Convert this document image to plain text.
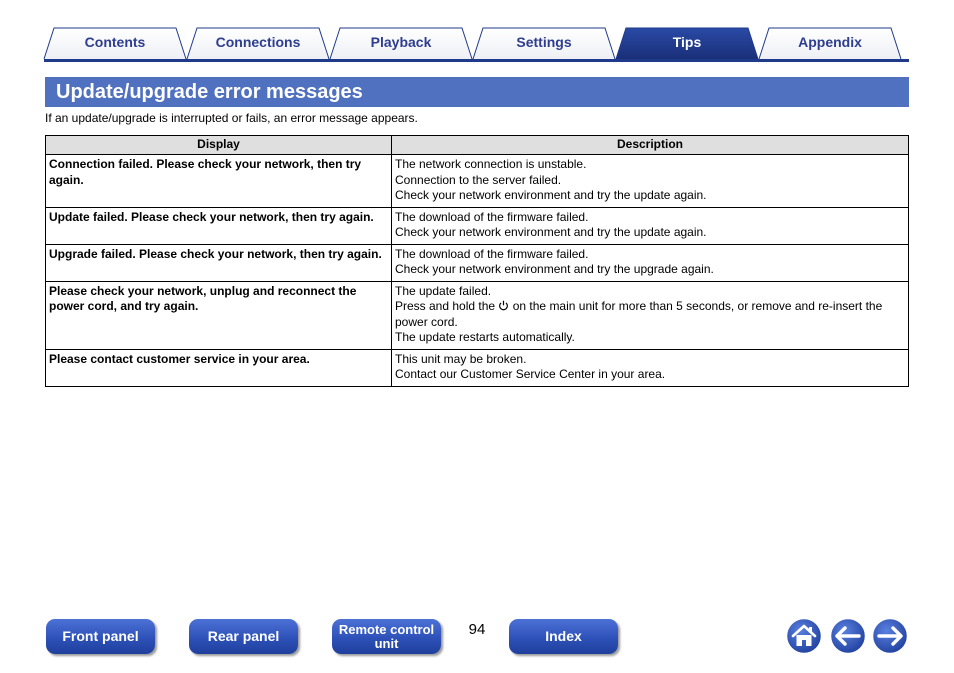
Contents	Connections	Playback	Settings	Tips	Appendix
Update/upgrade error messages
If an update/upgrade is interrupted or fails, an error message appears.
Display	Description
Connection failed. Please check your network, then try again.	The network connection is unstable.
Connection to the server failed.
Check your network environment and try the update again.

Update failed. Please check your network, then try again.	The download of the firmware failed.
Check your network environment and try the update again.

Upgrade failed. Please check your network, then try again.	The download of the firmware failed.
Check your network environment and try the upgrade again.

Please check your network, unplug and reconnect the power cord, and try again.	The update failed.
Press and hold the  on the main unit for more than 5 seconds, or remove and re-insert the power cord.
The update restarts automatically.

Please contact customer service in your area.	This unit may be broken.
Contact our Customer Service Center in your area.
Front panel	Rear panel	Remote control
unit
94	Index
